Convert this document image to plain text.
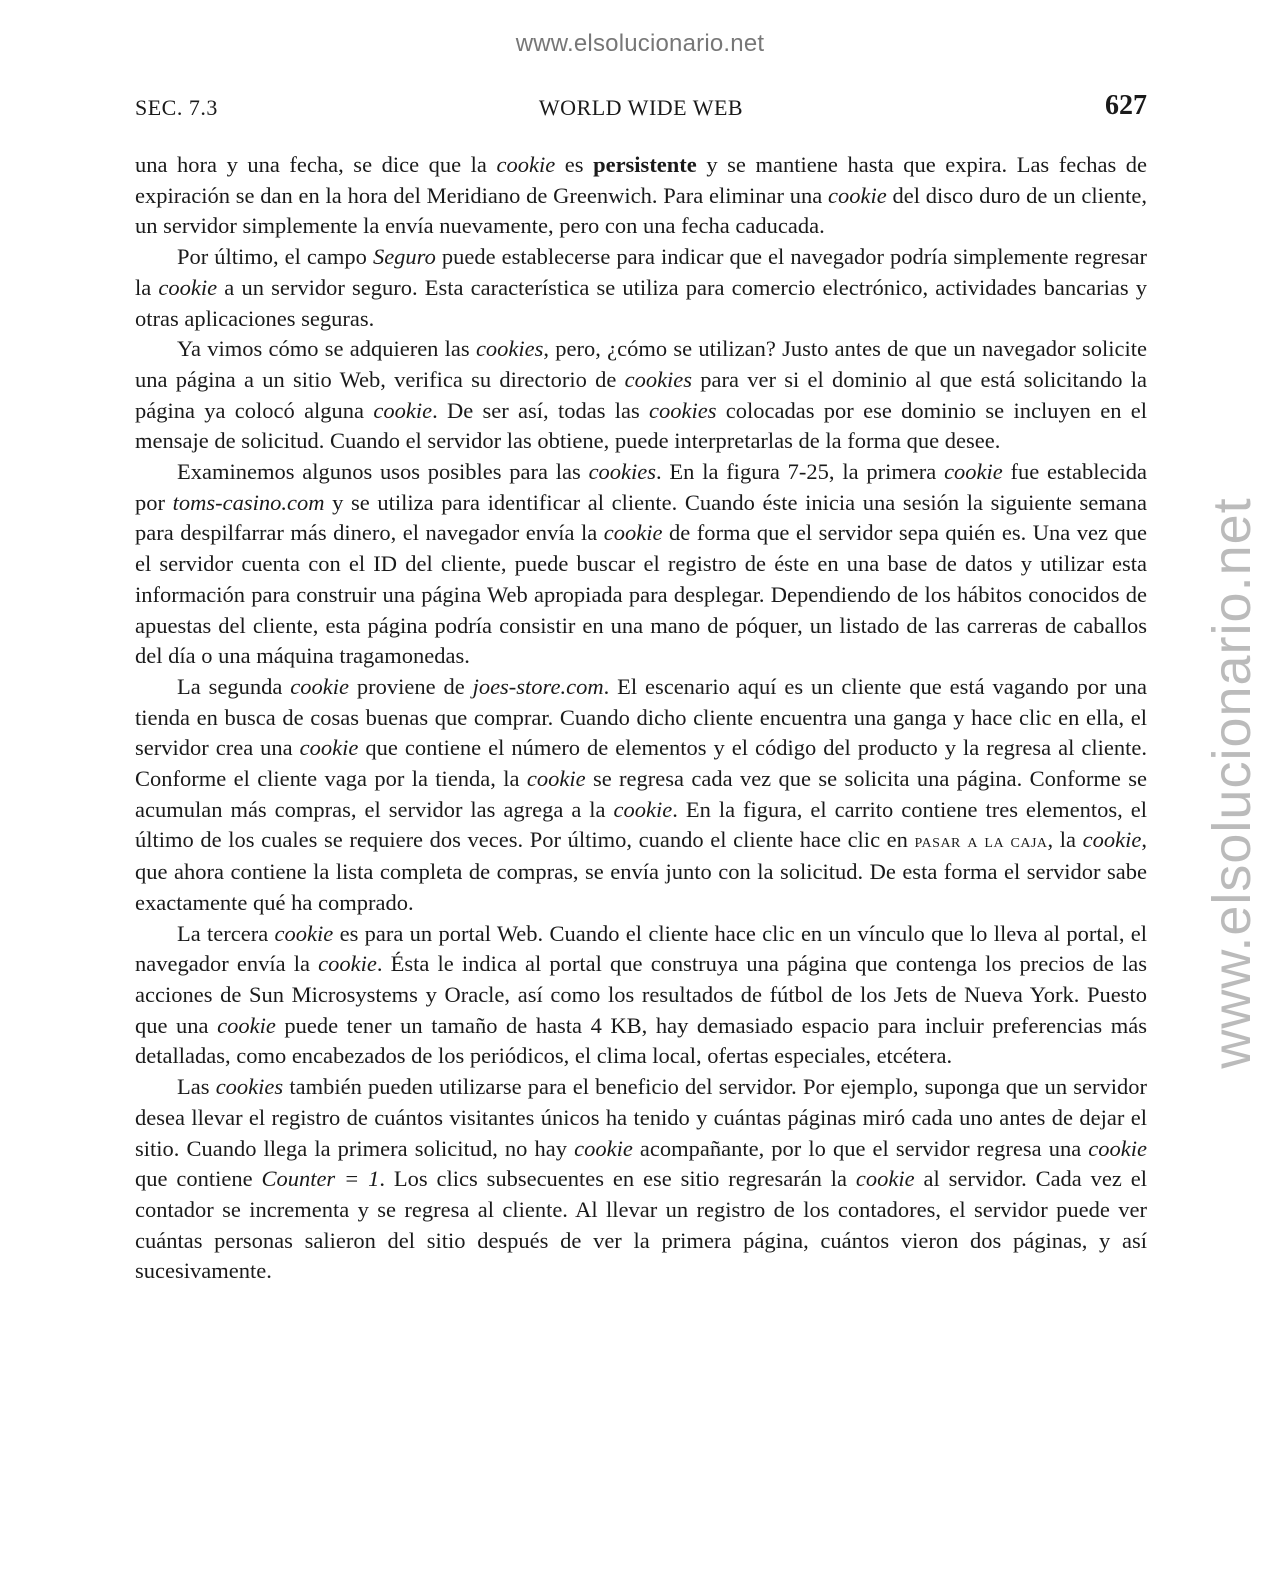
www.elsolucionario.net
www.elsolucionario.net
SEC. 7.3	WORLD WIDE WEB	627

una hora y una fecha, se dice que la cookie es persistente y se mantiene hasta que expira. Las fechas de expiración se dan en la hora del Meridiano de Greenwich. Para eliminar una cookie del disco duro de un cliente, un servidor simplemente la envía nuevamente, pero con una fecha caducada.

Por último, el campo Seguro puede establecerse para indicar que el navegador podría simplemente regresar la cookie a un servidor seguro. Esta característica se utiliza para comercio electrónico, actividades bancarias y otras aplicaciones seguras.

Ya vimos cómo se adquieren las cookies, pero, ¿cómo se utilizan? Justo antes de que un navegador solicite una página a un sitio Web, verifica su directorio de cookies para ver si el dominio al que está solicitando la página ya colocó alguna cookie. De ser así, todas las cookies colocadas por ese dominio se incluyen en el mensaje de solicitud. Cuando el servidor las obtiene, puede interpretarlas de la forma que desee.

Examinemos algunos usos posibles para las cookies. En la figura 7-25, la primera cookie fue establecida por toms-casino.com y se utiliza para identificar al cliente. Cuando éste inicia una sesión la siguiente semana para despilfarrar más dinero, el navegador envía la cookie de forma que el servidor sepa quién es. Una vez que el servidor cuenta con el ID del cliente, puede buscar el registro de éste en una base de datos y utilizar esta información para construir una página Web apropiada para desplegar. Dependiendo de los hábitos conocidos de apuestas del cliente, esta página podría consistir en una mano de póquer, un listado de las carreras de caballos del día o una máquina tragamonedas.

La segunda cookie proviene de joes-store.com. El escenario aquí es un cliente que está vagando por una tienda en busca de cosas buenas que comprar. Cuando dicho cliente encuentra una ganga y hace clic en ella, el servidor crea una cookie que contiene el número de elementos y el código del producto y la regresa al cliente. Conforme el cliente vaga por la tienda, la cookie se regresa cada vez que se solicita una página. Conforme se acumulan más compras, el servidor las agrega a la cookie. En la figura, el carrito contiene tres elementos, el último de los cuales se requiere dos veces. Por último, cuando el cliente hace clic en pasar a la caja, la cookie, que ahora contiene la lista completa de compras, se envía junto con la solicitud. De esta forma el servidor sabe exactamente qué ha comprado.

La tercera cookie es para un portal Web. Cuando el cliente hace clic en un vínculo que lo lleva al portal, el navegador envía la cookie. Ésta le indica al portal que construya una página que contenga los precios de las acciones de Sun Microsystems y Oracle, así como los resultados de fútbol de los Jets de Nueva York. Puesto que una cookie puede tener un tamaño de hasta 4 KB, hay demasiado espacio para incluir preferencias más detalladas, como encabezados de los periódicos, el clima local, ofertas especiales, etcétera.

Las cookies también pueden utilizarse para el beneficio del servidor. Por ejemplo, suponga que un servidor desea llevar el registro de cuántos visitantes únicos ha tenido y cuántas páginas miró cada uno antes de dejar el sitio. Cuando llega la primera solicitud, no hay cookie acompañante, por lo que el servidor regresa una cookie que contiene Counter = 1. Los clics subsecuentes en ese sitio regresarán la cookie al servidor. Cada vez el contador se incrementa y se regresa al cliente. Al llevar un registro de los contadores, el servidor puede ver cuántas personas salieron del sitio después de ver la primera página, cuántos vieron dos páginas, y así sucesivamente.
